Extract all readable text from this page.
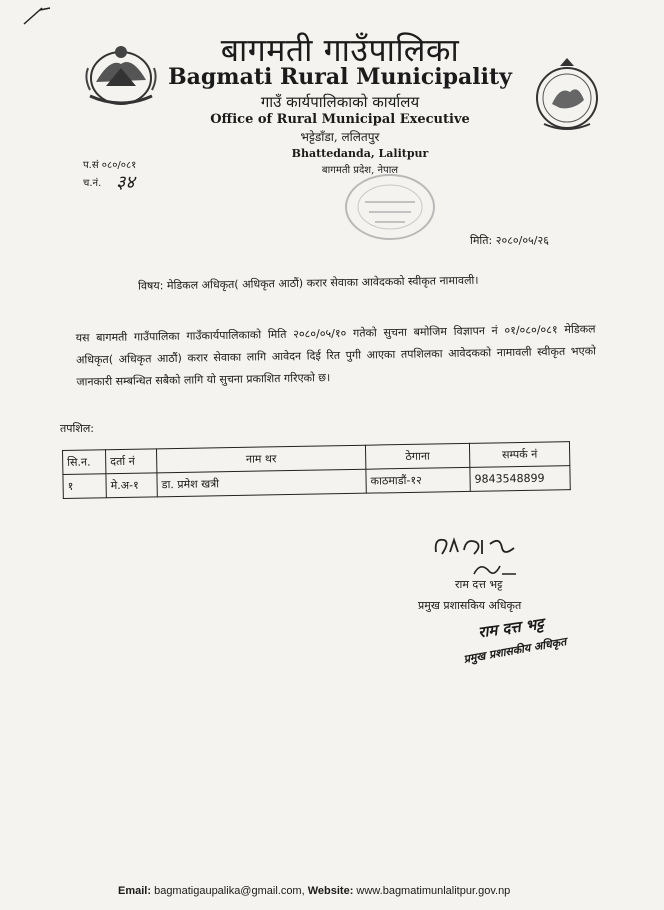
बागमती गाउँपालिका
Bagmati Rural Municipality
गाउँ कार्यपालिकाको कार्यालय
Office of Rural Municipal Executive
भट्टेडाँडा, ललितपुर
Bhattedanda, Lalitpur
बागमती प्रदेश, नेपाल
प.सं ०८०/०८१
च.नं. ३४
मिति: २०८०/०५/२६
विषय: मेडिकल अधिकृत( अधिकृत आठौं) करार सेवाका आवेदकको स्वीकृत नामावली।
यस बागमती गाउँपालिका गाउँकार्यपालिकाको मिति २०८०/०५/१० गतेको सुचना बमोजिम विज्ञापन नं ०१/०८०/०८१ मेडिकल अधिकृत( अधिकृत आठौं) करार सेवाका लागि आवेदन दिई रित पुगी आएका तपशिलका आवेदकको नामावली स्वीकृत भएको जानकारी सम्बन्धित सबैको लागि यो सुचना प्रकाशित गरिएको छ।
तपशिल:
सि.न.	दर्ता नं	नाम थर	ठेगाना	सम्पर्क नं
१	मे.अ-१	डा. प्रमेश खत्री	काठमाडौं-१२	9843548899
राम दत्त भट्ट
प्रमुख प्रशासकिय अधिकृत
राम दत्त भट्ट
प्रमुख प्रशासकीय अधिकृत
Email: bagmatigaupalika@gmail.com, Website: www.bagmatimunlalitpur.gov.np
